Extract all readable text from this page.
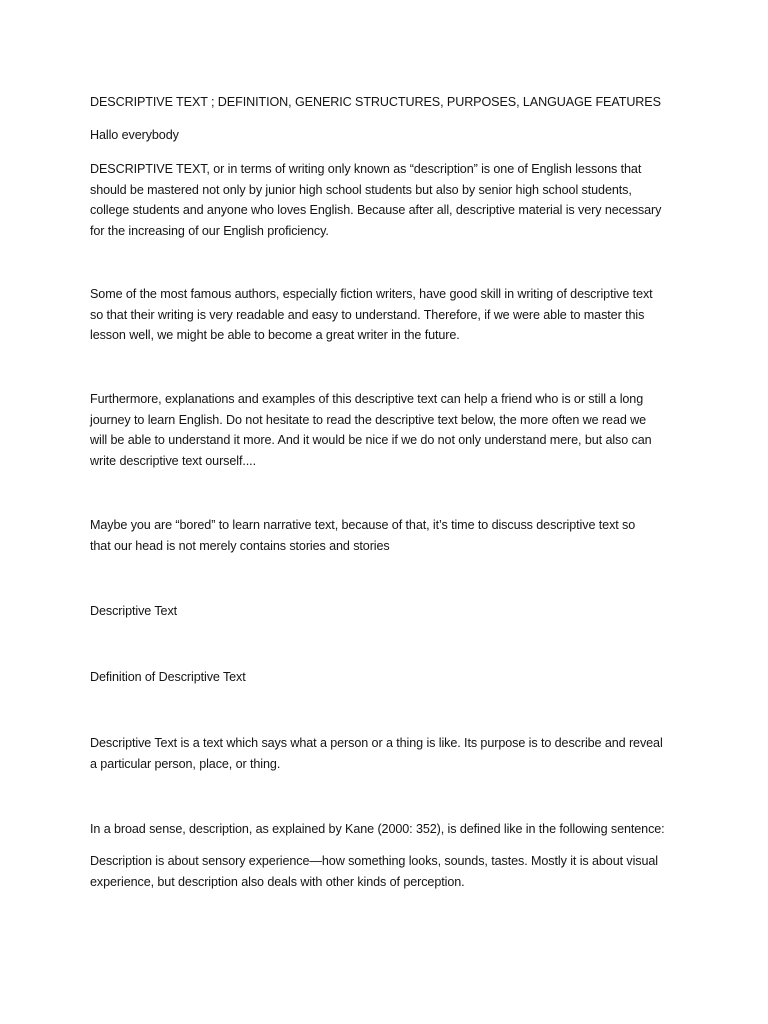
DESCRIPTIVE TEXT ; DEFINITION, GENERIC STRUCTURES, PURPOSES, LANGUAGE FEATURES

Hallo everybody

DESCRIPTIVE TEXT, or in terms of writing only known as “description” is one of English lessons that
should be mastered not only by junior high school students but also by senior high school students,
college students and anyone who loves English. Because after all, descriptive material is very necessary
for the increasing of our English proficiency.

Some of the most famous authors, especially fiction writers, have good skill in writing of descriptive text
so that their writing is very readable and easy to understand. Therefore, if we were able to master this
lesson well, we might be able to become a great writer in the future.

Furthermore, explanations and examples of this descriptive text can help a friend who is or still a long
journey to learn English. Do not hesitate to read the descriptive text below, the more often we read we
will be able to understand it more. And it would be nice if we do not only understand mere, but also can
write descriptive text ourself....

Maybe you are “bored” to learn narrative text, because of that, it’s time to discuss descriptive text so
that our head is not merely contains stories and stories

Descriptive Text

Definition of Descriptive Text

Descriptive Text is a text which says what a person or a thing is like. Its purpose is to describe and reveal
a particular person, place, or thing.

In a broad sense, description, as explained by Kane (2000: 352), is defined like in the following sentence:

Description is about sensory experience—how something looks, sounds, tastes. Mostly it is about visual
experience, but description also deals with other kinds of perception.
